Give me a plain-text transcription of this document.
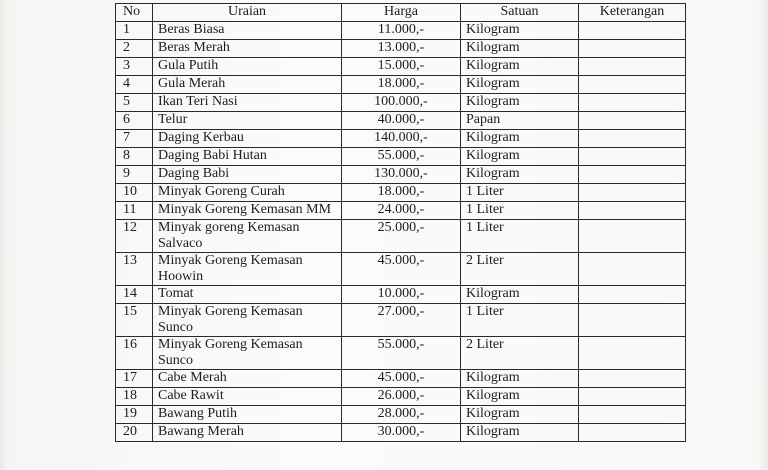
No	Uraian	Harga	Satuan	Keterangan
1	Beras Biasa	11.000,-	Kilogram	
2	Beras Merah	13.000,-	Kilogram	
3	Gula Putih	15.000,-	Kilogram	
4	Gula Merah	18.000,-	Kilogram	
5	Ikan Teri Nasi	100.000,-	Kilogram	
6	Telur	40.000,-	Papan	
7	Daging Kerbau	140.000,-	Kilogram	
8	Daging Babi Hutan	55.000,-	Kilogram	
9	Daging Babi	130.000,-	Kilogram	
10	Minyak Goreng Curah	18.000,-	1 Liter	
11	Minyak Goreng Kemasan MM	24.000,-	1 Liter	
12	Minyak goreng Kemasan Salvaco	25.000,-	1 Liter	
13	Minyak Goreng Kemasan Hoowin	45.000,-	2 Liter	
14	Tomat	10.000,-	Kilogram	
15	Minyak Goreng Kemasan Sunco	27.000,-	1 Liter	
16	Minyak Goreng Kemasan Sunco	55.000,-	2 Liter	
17	Cabe Merah	45.000,-	Kilogram	
18	Cabe Rawit	26.000,-	Kilogram	
19	Bawang Putih	28.000,-	Kilogram	
20	Bawang Merah	30.000,-	Kilogram	
